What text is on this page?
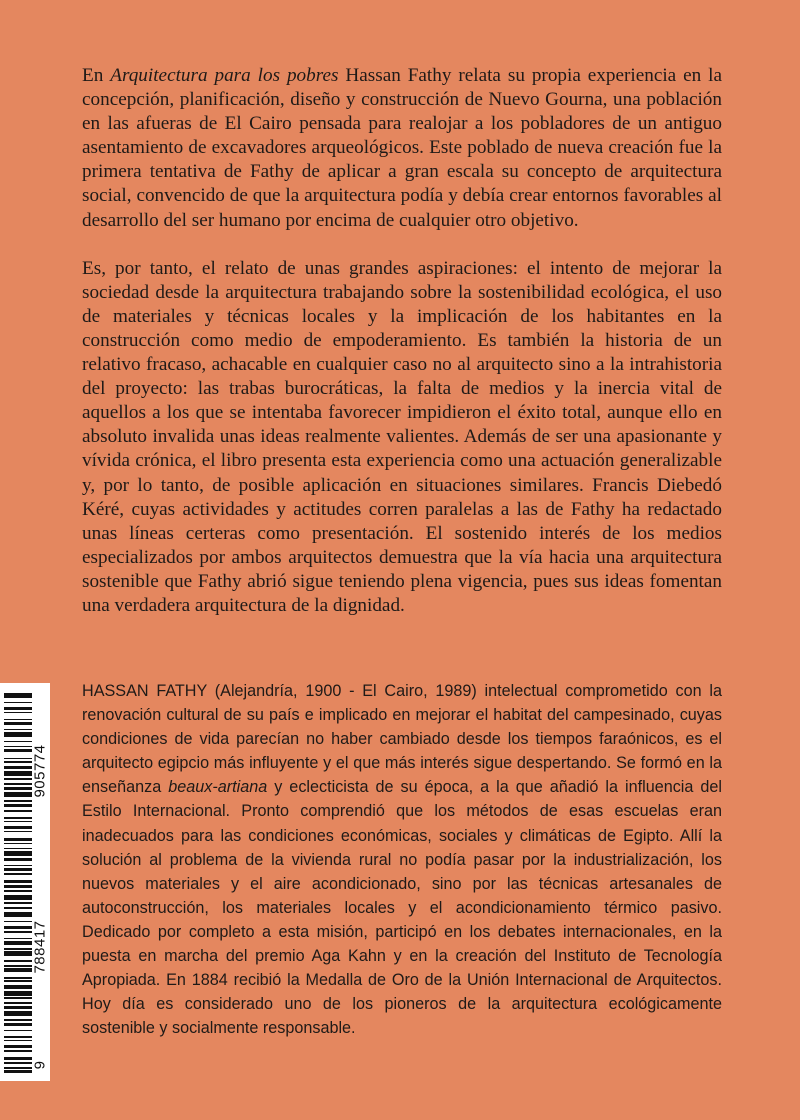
En Arquitectura para los pobres Hassan Fathy relata su propia experiencia en la concepción, planificación, diseño y construcción de Nuevo Gourna, una población en las afueras de El Cairo pensada para realojar a los pobladores de un antiguo asentamiento de excavadores arqueológicos. Este poblado de nueva creación fue la primera tentativa de Fathy de aplicar a gran escala su concepto de arquitectura social, convencido de que la arquitectura podía y debía crear entornos favorables al desarrollo del ser humano por encima de cualquier otro objetivo.

Es, por tanto, el relato de unas grandes aspiraciones: el intento de mejorar la sociedad desde la arquitectura trabajando sobre la sostenibilidad ecológica, el uso de materiales y técnicas locales y la implicación de los habitantes en la construcción como medio de empoderamiento. Es también la historia de un relativo fracaso, achacable en cualquier caso no al arquitecto sino a la intrahistoria del proyecto: las trabas burocráticas, la falta de medios y la inercia vital de aquellos a los que se intentaba favorecer impidieron el éxito total, aunque ello en absoluto invalida unas ideas realmente valientes. Además de ser una apasionante y vívida crónica, el libro presenta esta experiencia como una actuación generalizable y, por lo tanto, de posible aplicación en situaciones similares. Francis Diebedó Kéré, cuyas actividades y actitudes corren paralelas a las de Fathy ha redactado unas líneas certeras como presentación. El sostenido interés de los medios especializados por ambos arquitectos demuestra que la vía hacia una arquitectura sostenible que Fathy abrió sigue teniendo plena vigencia, pues sus ideas fomentan una verdadera arquitectura de la dignidad.

HASSAN FATHY (Alejandría, 1900 - El Cairo, 1989) intelectual comprometido con la renovación cultural de su país e implicado en mejorar el habitat del campesinado, cuyas condiciones de vida parecían no haber cambiado desde los tiempos faraónicos, es el arquitecto egipcio más influyente y el que más interés sigue despertando. Se formó en la enseñanza beaux-artiana y eclecticista de su época, a la que añadió la influencia del Estilo Internacional. Pronto comprendió que los métodos de esas escuelas eran inadecuados para las condiciones económicas, sociales y climáticas de Egipto. Allí la solución al problema de la vivienda rural no podía pasar por la industrialización, los nuevos materiales y el aire acondicionado, sino por las técnicas artesanales de autoconstrucción, los materiales locales y el acondicionamiento térmico pasivo. Dedicado por completo a esta misión, participó en los debates internacionales, en la puesta en marcha del premio Aga Kahn y en la creación del Instituto de Tecnología Apropiada. En 1884 recibió la Medalla de Oro de la Unión Internacional de Arquitectos. Hoy día es considerado uno de los pioneros de la arquitectura ecológicamente sostenible y socialmente responsable.

9
788417
905774
